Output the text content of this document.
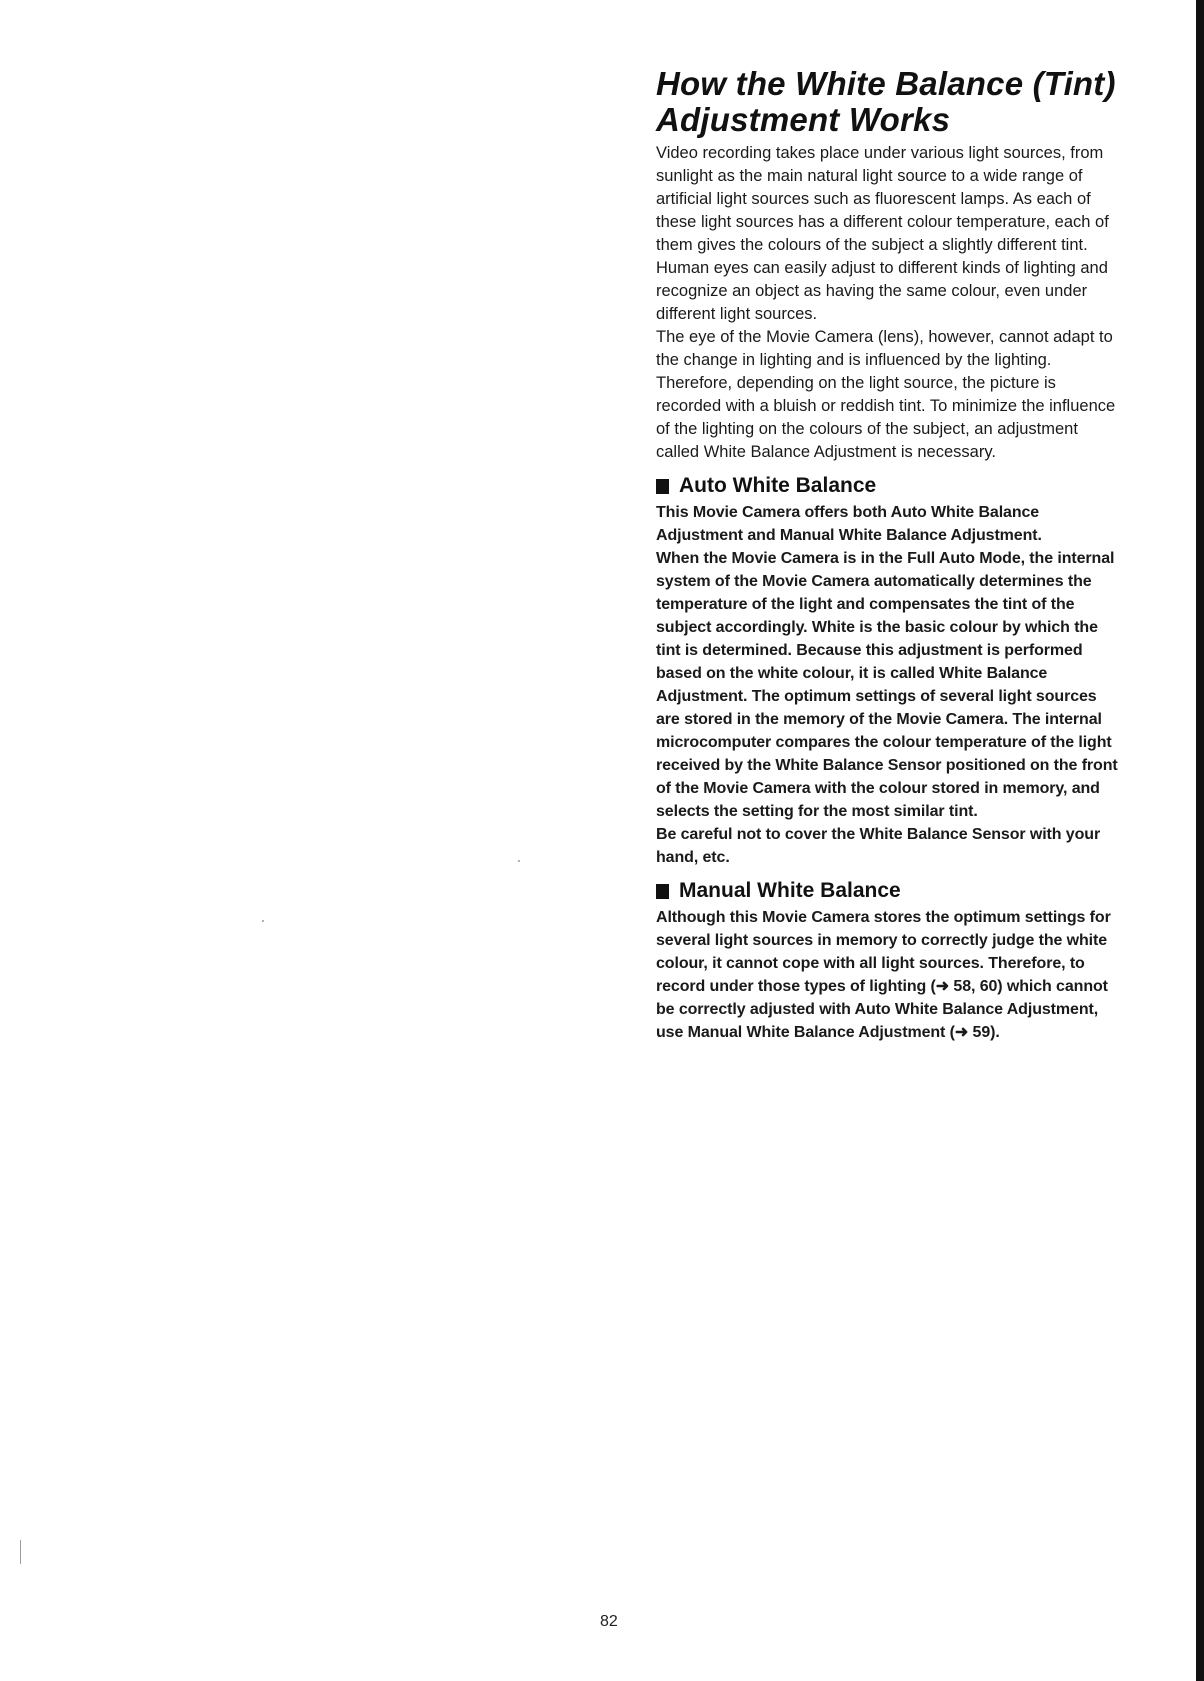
How the White Balance (Tint) Adjustment Works

Video recording takes place under various light sources, from sunlight as the main natural light source to a wide range of artificial light sources such as fluorescent lamps. As each of these light sources has a different colour temperature, each of them gives the colours of the subject a slightly different tint.

Human eyes can easily adjust to different kinds of lighting and recognize an object as having the same colour, even under different light sources.

The eye of the Movie Camera (lens), however, cannot adapt to the change in lighting and is influenced by the lighting. Therefore, depending on the light source, the picture is recorded with a bluish or reddish tint. To minimize the influence of the lighting on the colours of the subject, an adjustment called White Balance Adjustment is necessary.

Auto White Balance

This Movie Camera offers both Auto White Balance Adjustment and Manual White Balance Adjustment.

When the Movie Camera is in the Full Auto Mode, the internal system of the Movie Camera automatically determines the temperature of the light and compensates the tint of the subject accordingly. White is the basic colour by which the tint is determined. Because this adjustment is performed based on the white colour, it is called White Balance Adjustment. The optimum settings of several light sources are stored in the memory of the Movie Camera. The internal microcomputer compares the colour temperature of the light received by the White Balance Sensor positioned on the front of the Movie Camera with the colour stored in memory, and selects the setting for the most similar tint.

Be careful not to cover the White Balance Sensor with your hand, etc.

Manual White Balance

Although this Movie Camera stores the optimum settings for several light sources in memory to correctly judge the white colour, it cannot cope with all light sources. Therefore, to record under those types of lighting (➜ 58, 60) which cannot be correctly adjusted with Auto White Balance Adjustment, use Manual White Balance Adjustment (➜ 59).

82
